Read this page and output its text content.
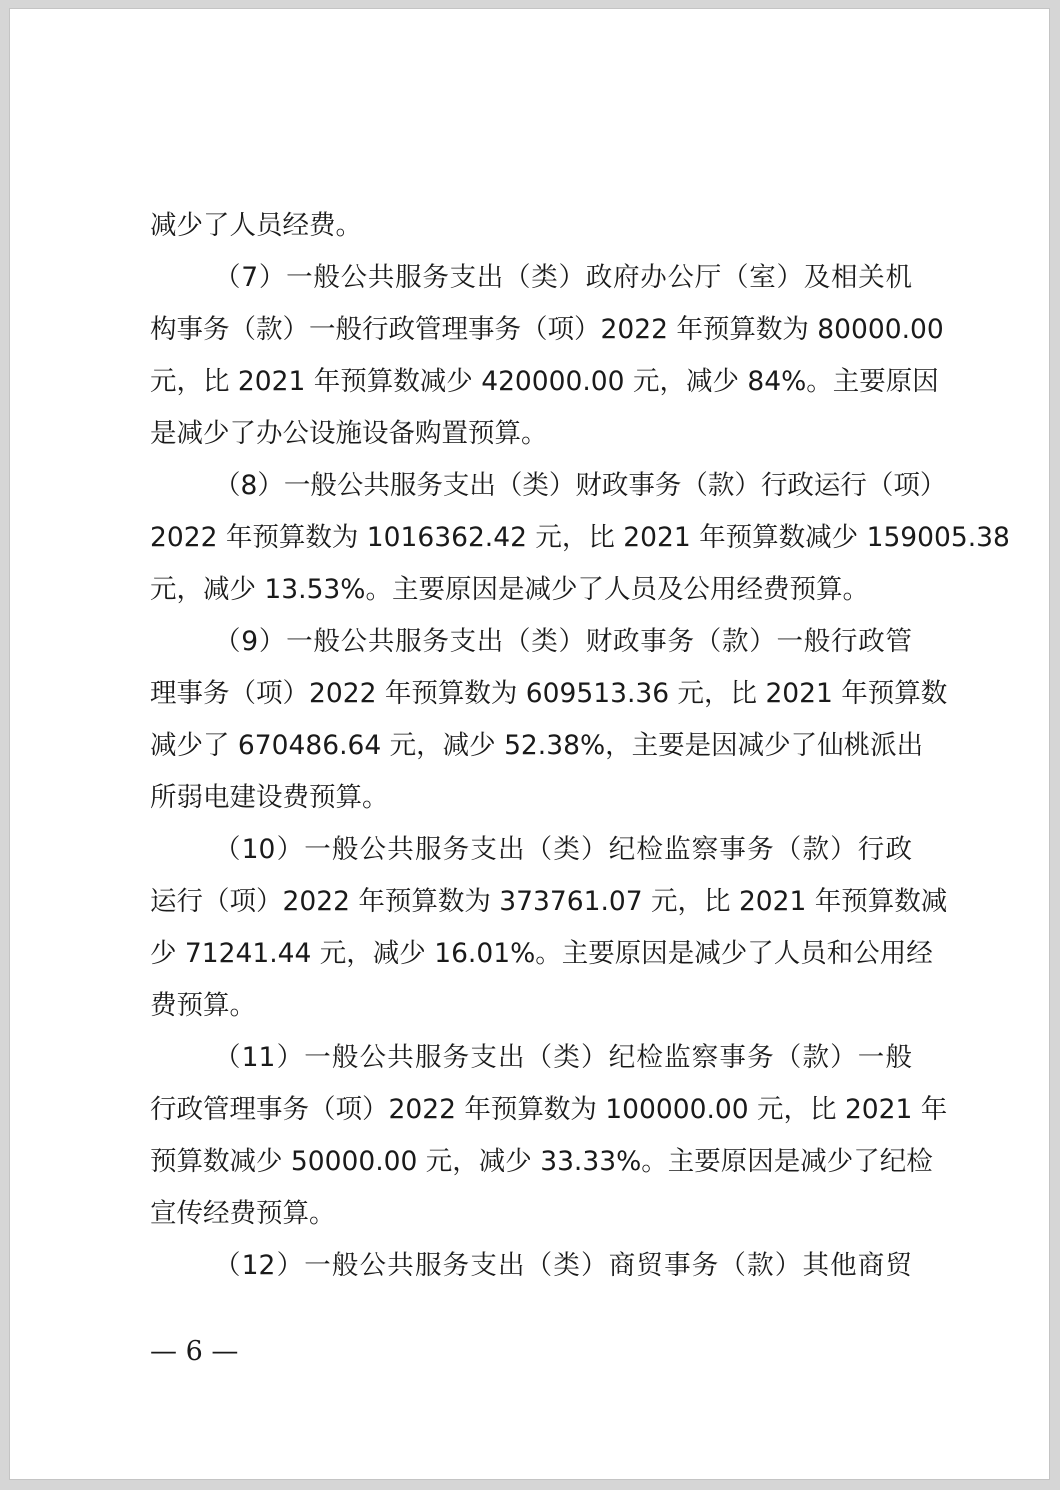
减少了人员经费。
（7）一般公共服务支出（类）政府办公厅（室）及相关机
构事务（款）一般行政管理事务（项）2022 年预算数为 80000.00
元，比 2021 年预算数减少 420000.00 元，减少 84%。主要原因
是减少了办公设施设备购置预算。
（8）一般公共服务支出（类）财政事务（款）行政运行（项）
2022 年预算数为 1016362.42 元，比 2021 年预算数减少 159005.38
元，减少 13.53%。主要原因是减少了人员及公用经费预算。
（9）一般公共服务支出（类）财政事务（款）一般行政管
理事务（项）2022 年预算数为 609513.36 元，比 2021 年预算数
减少了 670486.64 元，减少 52.38%，主要是因减少了仙桃派出
所弱电建设费预算。
（10）一般公共服务支出（类）纪检监察事务（款）行政
运行（项）2022 年预算数为 373761.07 元，比 2021 年预算数减
少 71241.44 元，减少 16.01%。主要原因是减少了人员和公用经
费预算。
（11）一般公共服务支出（类）纪检监察事务（款）一般
行政管理事务（项）2022 年预算数为 100000.00 元，比 2021 年
预算数减少 50000.00 元，减少 33.33%。主要原因是减少了纪检
宣传经费预算。
（12）一般公共服务支出（类）商贸事务（款）其他商贸
— 6 —
